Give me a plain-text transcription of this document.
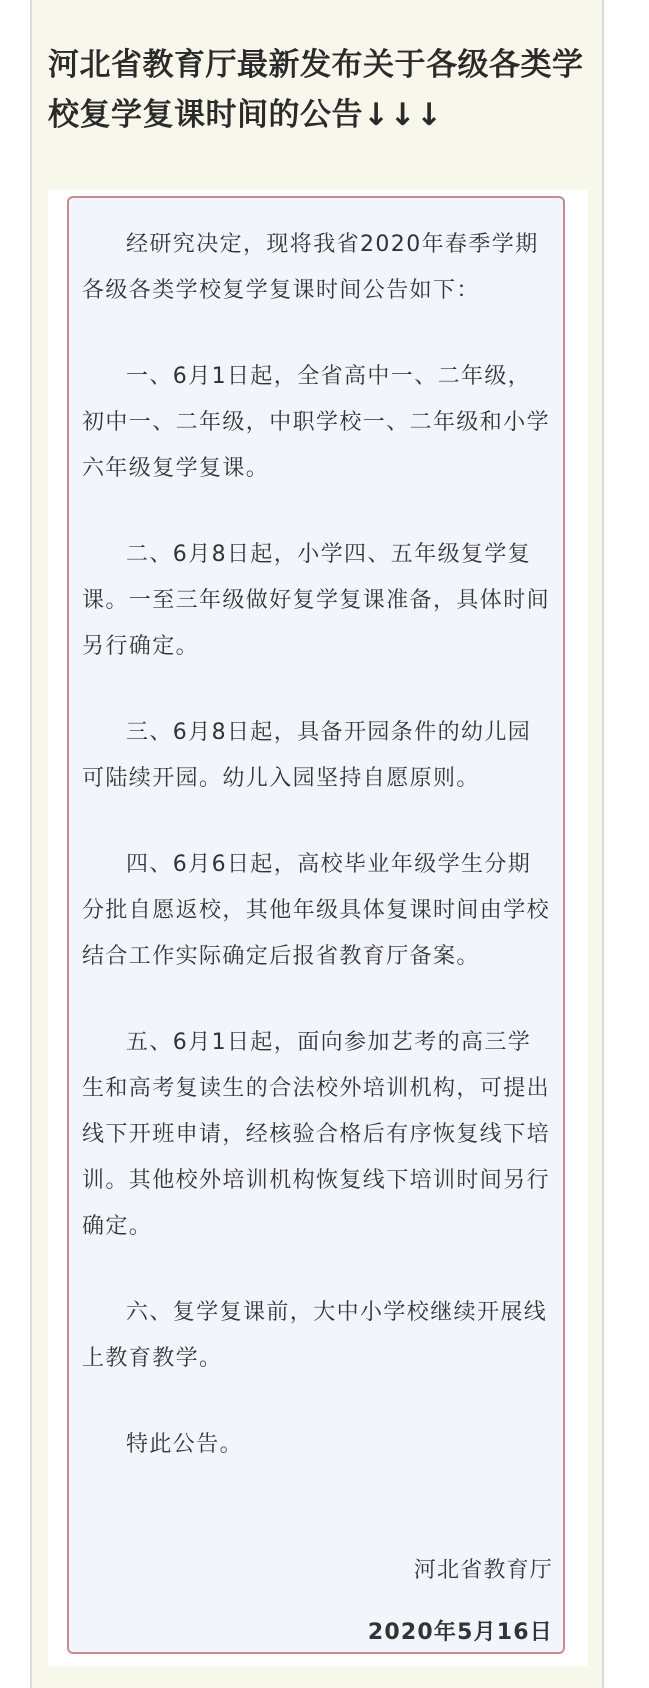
河北省教育厅最新发布关于各级各类学校复学复课时间的公告↓↓↓

经研究决定，现将我省2020年春季学期各级各类学校复学复课时间公告如下：

一、6月1日起，全省高中一、二年级，初中一、二年级，中职学校一、二年级和小学六年级复学复课。

二、6月8日起，小学四、五年级复学复课。一至三年级做好复学复课准备，具体时间另行确定。

三、6月8日起，具备开园条件的幼儿园可陆续开园。幼儿入园坚持自愿原则。

四、6月6日起，高校毕业年级学生分期分批自愿返校，其他年级具体复课时间由学校结合工作实际确定后报省教育厅备案。

五、6月1日起，面向参加艺考的高三学生和高考复读生的合法校外培训机构，可提出线下开班申请，经核验合格后有序恢复线下培训。其他校外培训机构恢复线下培训时间另行确定。

六、复学复课前，大中小学校继续开展线上教育教学。

特此公告。

河北省教育厅
2020年5月16日
